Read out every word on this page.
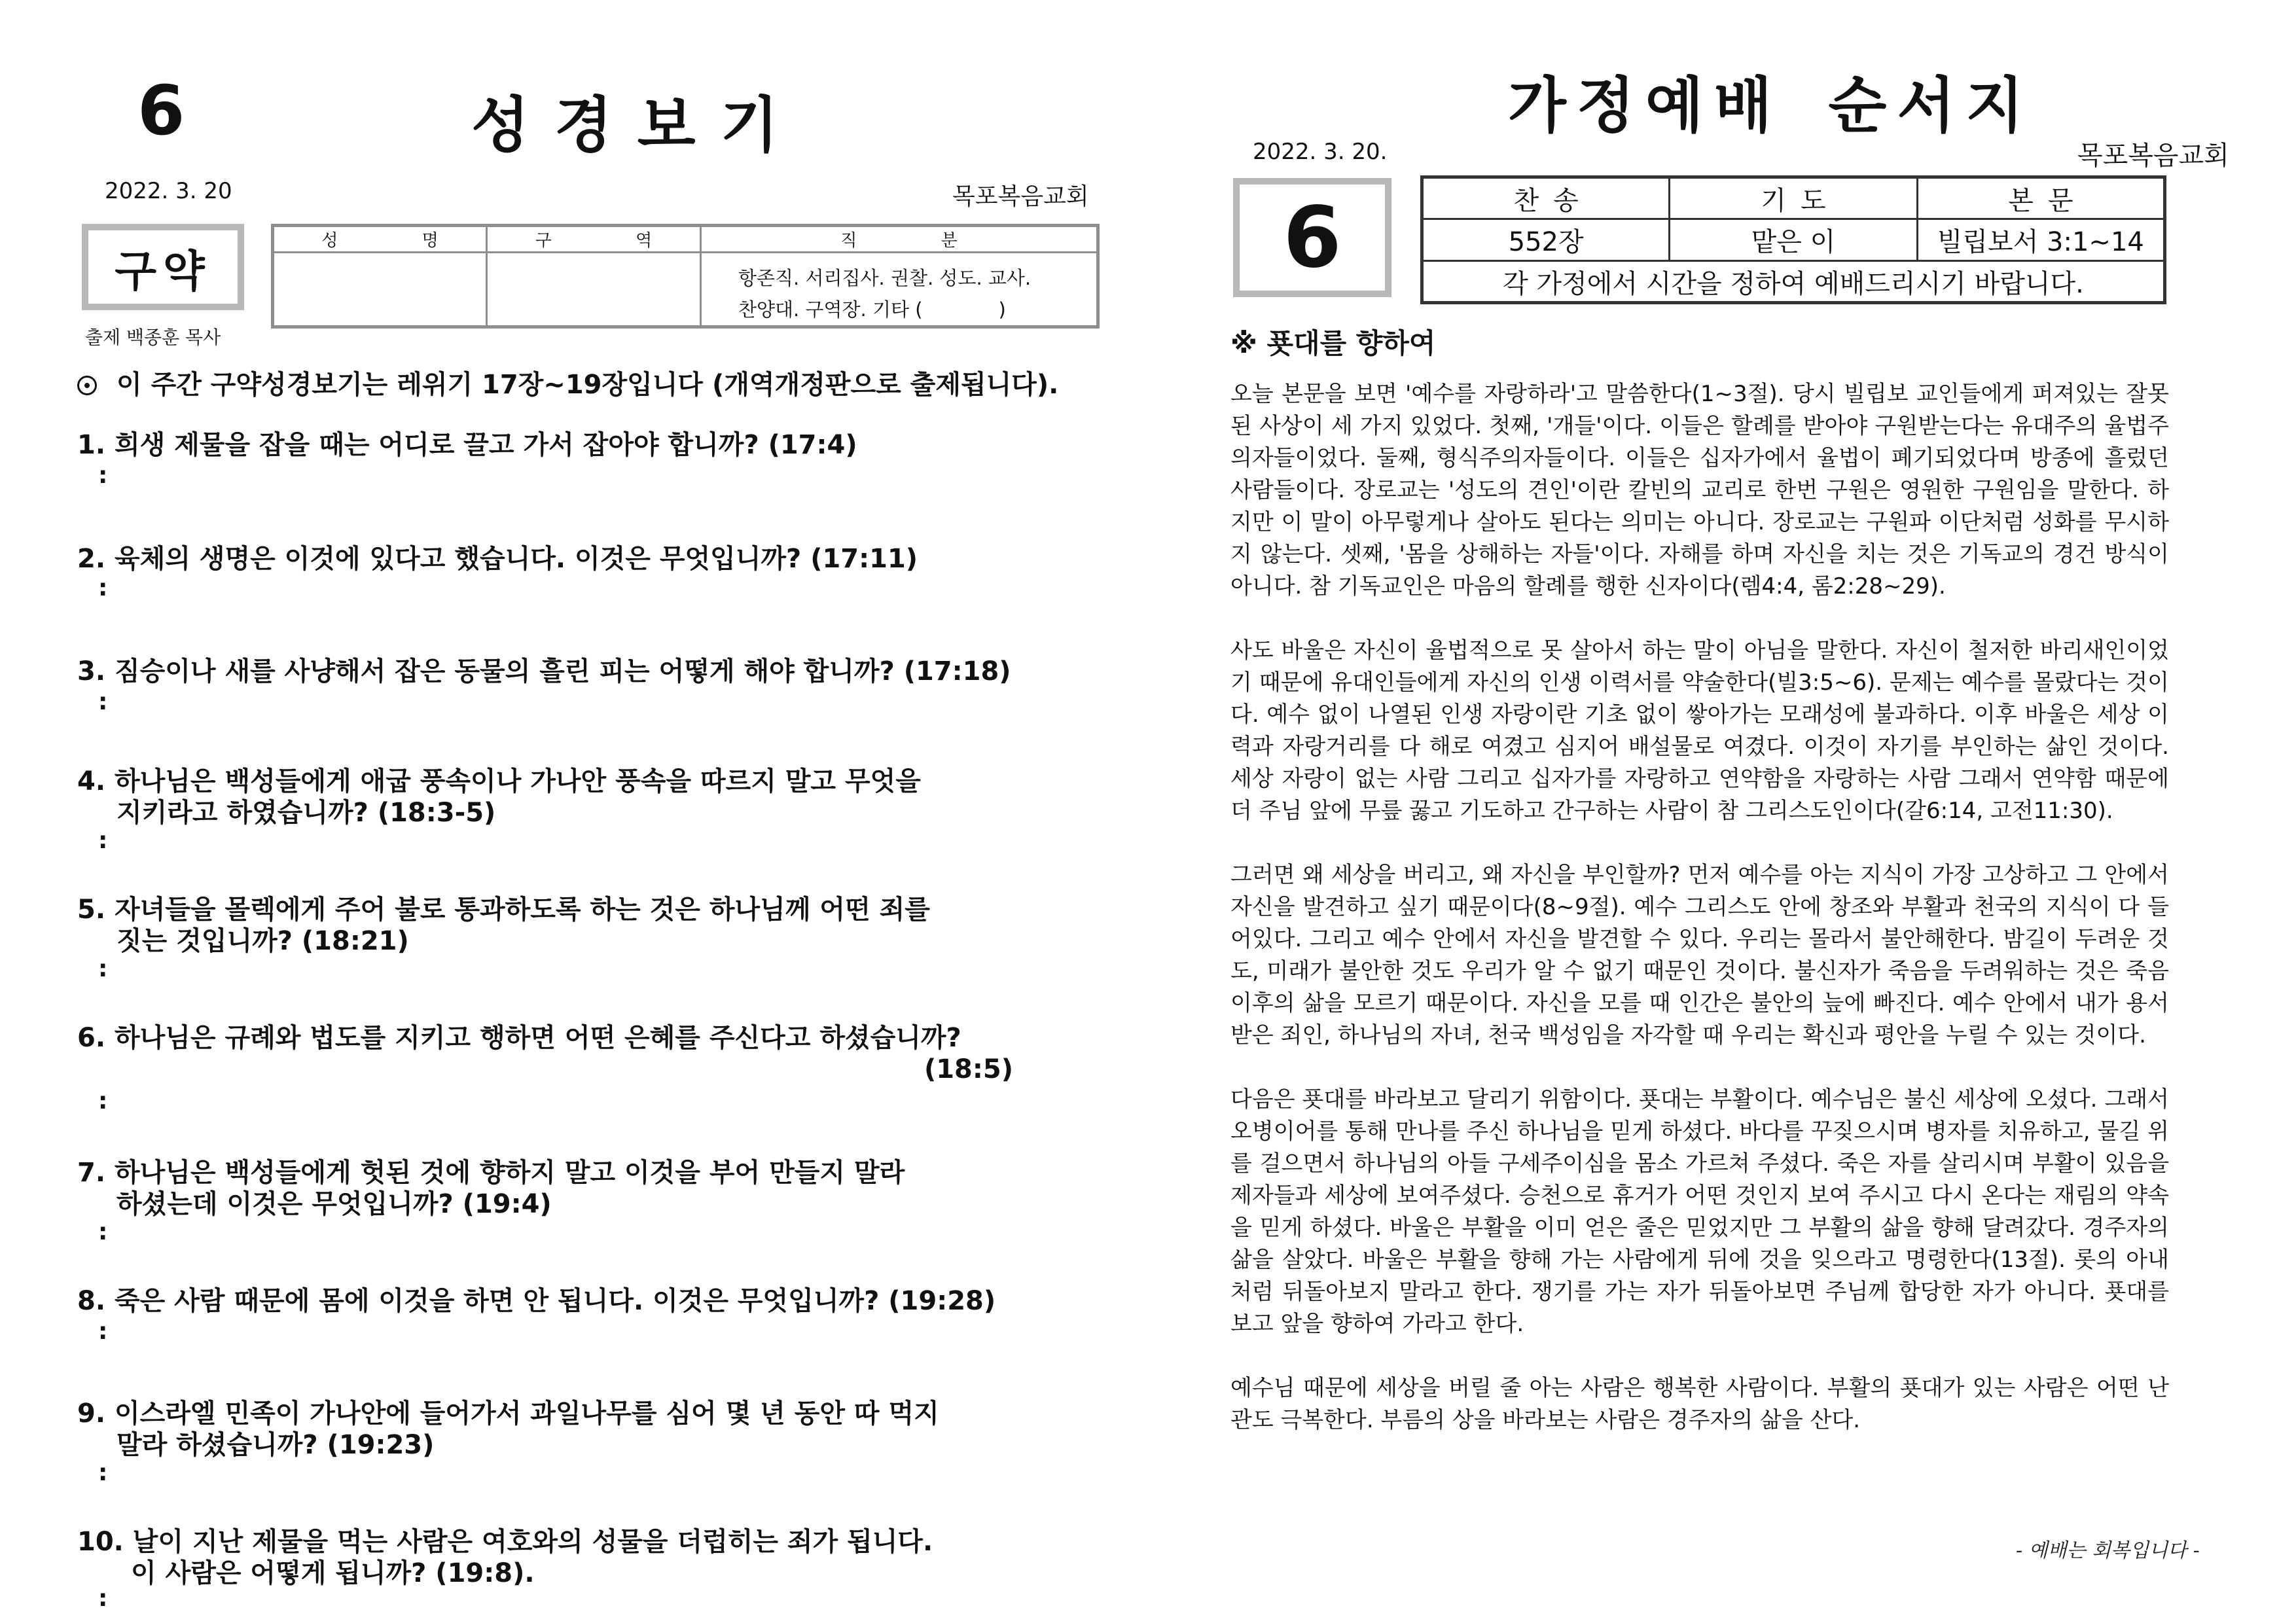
6	성경보기
2022. 3. 20	목포복음교회
구약
출제 백종훈 목사
성 명	구 역	직 분

		항존직. 서리집사. 권찰. 성도. 교사.
찬양대. 구역장. 기타 (　　　　)
이 주간 구약성경보기는 레위기 17장~19장입니다 (개역개정판으로 출제됩니다).
1. 희생 제물을 잡을 때는 어디로 끌고 가서 잡아야 합니까? (17:4)
:
2. 육체의 생명은 이것에 있다고 했습니다. 이것은 무엇입니까? (17:11)
:
3. 짐승이나 새를 사냥해서 잡은 동물의 흘린 피는 어떻게 해야 합니까? (17:18)
:
4. 하나님은 백성들에게 애굽 풍속이나 가나안 풍속을 따르지 말고 무엇을
지키라고 하였습니까? (18:3-5)
:
5. 자녀들을 몰렉에게 주어 불로 통과하도록 하는 것은 하나님께 어떤 죄를
짓는 것입니까? (18:21)
:
6. 하나님은 규례와 법도를 지키고 행하면 어떤 은혜를 주신다고 하셨습니까?
(18:5)
:
7. 하나님은 백성들에게 헛된 것에 향하지 말고 이것을 부어 만들지 말라
하셨는데 이것은 무엇입니까? (19:4)
:
8. 죽은 사람 때문에 몸에 이것을 하면 안 됩니다. 이것은 무엇입니까? (19:28)
:
9. 이스라엘 민족이 가나안에 들어가서 과일나무를 심어 몇 년 동안 따 먹지
말라 하셨습니까? (19:23)
:
10. 날이 지난 제물을 먹는 사람은 여호와의 성물을 더럽히는 죄가 됩니다.
이 사람은 어떻게 됩니까? (19:8).
:
가정예배 순서지
2022. 3. 20.	목포복음교회
6	찬송	기도	본문
552장	맡은 이	빌립보서 3:1~14
각 가정에서 시간을 정하여 예배드리시기 바랍니다.		
※ 푯대를 향하여

오늘 본문을 보면 '예수를 자랑하라'고 말씀한다(1~3절). 당시 빌립보 교인들에게 퍼져있는 잘못된 사상이 세 가지 있었다. 첫째, '개들'이다. 이들은 할례를 받아야 구원받는다는 유대주의 율법주의자들이었다. 둘째, 형식주의자들이다. 이들은 십자가에서 율법이 폐기되었다며 방종에 흘렀던 사람들이다. 장로교는 '성도의 견인'이란 칼빈의 교리로 한번 구원은 영원한 구원임을 말한다. 하지만 이 말이 아무렇게나 살아도 된다는 의미는 아니다. 장로교는 구원파 이단처럼 성화를 무시하지 않는다. 셋째, '몸을 상해하는 자들'이다. 자해를 하며 자신을 치는 것은 기독교의 경건 방식이 아니다. 참 기독교인은 마음의 할례를 행한 신자이다(렘4:4, 롬2:28~29).

사도 바울은 자신이 율법적으로 못 살아서 하는 말이 아님을 말한다. 자신이 철저한 바리새인이었기 때문에 유대인들에게 자신의 인생 이력서를 약술한다(빌3:5~6). 문제는 예수를 몰랐다는 것이다. 예수 없이 나열된 인생 자랑이란 기초 없이 쌓아가는 모래성에 불과하다. 이후 바울은 세상 이력과 자랑거리를 다 해로 여겼고 심지어 배설물로 여겼다. 이것이 자기를 부인하는 삶인 것이다. 세상 자랑이 없는 사람 그리고 십자가를 자랑하고 연약함을 자랑하는 사람 그래서 연약함 때문에 더 주님 앞에 무릎 꿇고 기도하고 간구하는 사람이 참 그리스도인이다(갈6:14, 고전11:30).

그러면 왜 세상을 버리고, 왜 자신을 부인할까? 먼저 예수를 아는 지식이 가장 고상하고 그 안에서 자신을 발견하고 싶기 때문이다(8~9절). 예수 그리스도 안에 창조와 부활과 천국의 지식이 다 들어있다. 그리고 예수 안에서 자신을 발견할 수 있다. 우리는 몰라서 불안해한다. 밤길이 두려운 것도, 미래가 불안한 것도 우리가 알 수 없기 때문인 것이다. 불신자가 죽음을 두려워하는 것은 죽음 이후의 삶을 모르기 때문이다. 자신을 모를 때 인간은 불안의 늪에 빠진다. 예수 안에서 내가 용서받은 죄인, 하나님의 자녀, 천국 백성임을 자각할 때 우리는 확신과 평안을 누릴 수 있는 것이다.

다음은 푯대를 바라보고 달리기 위함이다. 푯대는 부활이다. 예수님은 불신 세상에 오셨다. 그래서 오병이어를 통해 만나를 주신 하나님을 믿게 하셨다. 바다를 꾸짖으시며 병자를 치유하고, 물길 위를 걸으면서 하나님의 아들 구세주이심을 몸소 가르쳐 주셨다. 죽은 자를 살리시며 부활이 있음을 제자들과 세상에 보여주셨다. 승천으로 휴거가 어떤 것인지 보여 주시고 다시 온다는 재림의 약속을 믿게 하셨다. 바울은 부활을 이미 얻은 줄은 믿었지만 그 부활의 삶을 향해 달려갔다. 경주자의 삶을 살았다. 바울은 부활을 향해 가는 사람에게 뒤에 것을 잊으라고 명령한다(13절). 롯의 아내처럼 뒤돌아보지 말라고 한다. 쟁기를 가는 자가 뒤돌아보면 주님께 합당한 자가 아니다. 푯대를 보고 앞을 향하여 가라고 한다.

예수님 때문에 세상을 버릴 줄 아는 사람은 행복한 사람이다. 부활의 푯대가 있는 사람은 어떤 난관도 극복한다. 부름의 상을 바라보는 사람은 경주자의 삶을 산다.

- 예배는 회복입니다 -
